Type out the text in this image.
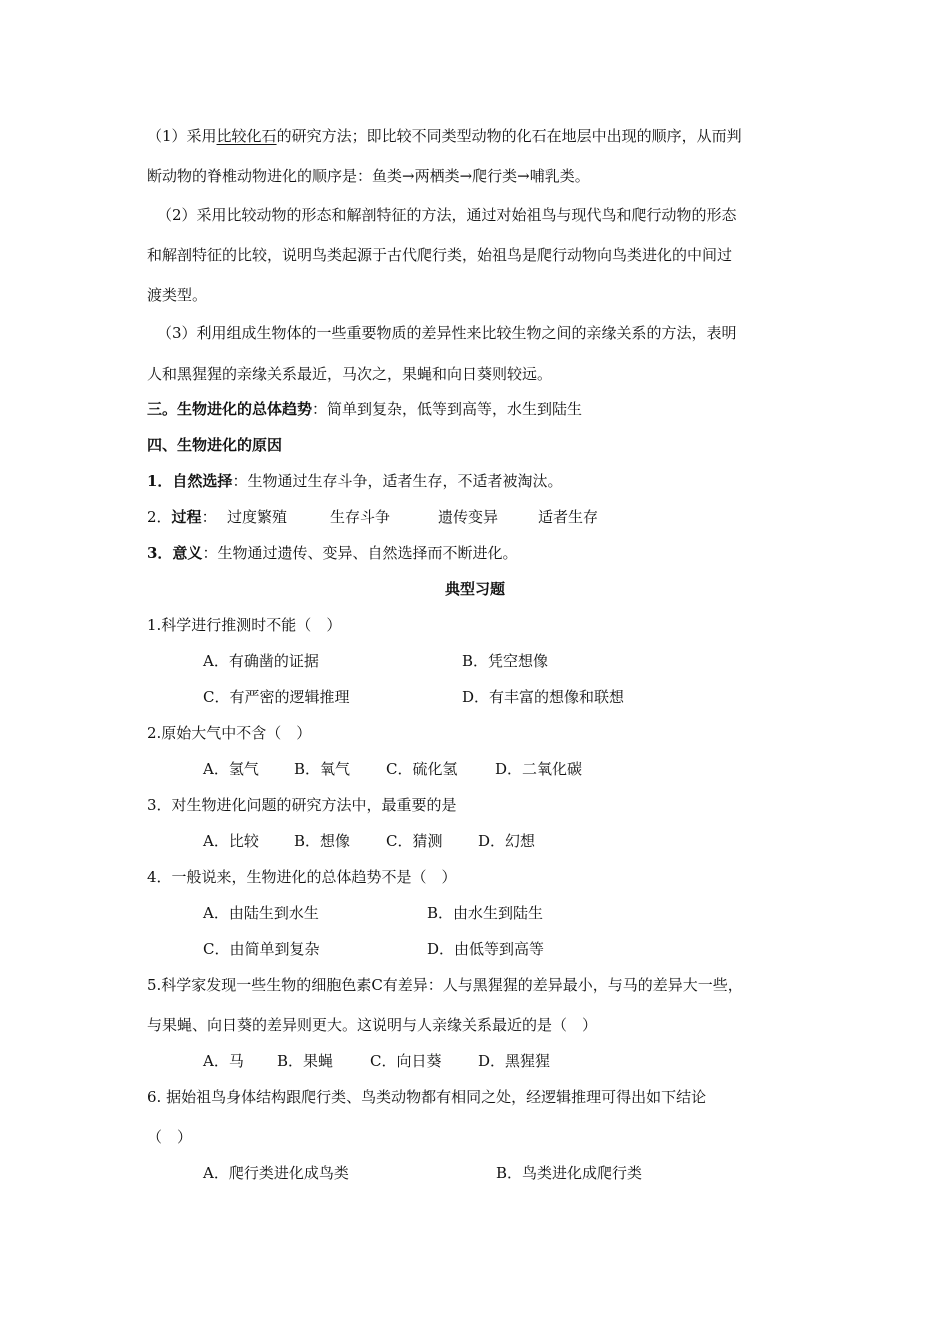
（1）采用比较化石的研究方法；即比较不同类型动物的化石在地层中出现的顺序，从而判
断动物的脊椎动物进化的顺序是：鱼类→两栖类→爬行类→哺乳类。
（2）采用比较动物的形态和解剖特征的方法，通过对始祖鸟与现代鸟和爬行动物的形态
和解剖特征的比较，说明鸟类起源于古代爬行类，始祖鸟是爬行动物向鸟类进化的中间过
渡类型。
（3）利用组成生物体的一些重要物质的差异性来比较生物之间的亲缘关系的方法，表明
人和黑猩猩的亲缘关系最近，马次之，果蝇和向日葵则较远。
三。生物进化的总体趋势：简单到复杂，低等到高等，水生到陆生
四、生物进化的原因
1．自然选择：生物通过生存斗争，适者生存，不适者被淘汰。
2．过程： 过度繁殖	生存斗争	遗传变异	适者生存
3．意义：生物通过遗传、变异、自然选择而不断进化。
典型习题
1.科学进行推测时不能（　）
A．有确凿的证据	B．凭空想像
C．有严密的逻辑推理	D．有丰富的想像和联想
2.原始大气中不含（　）
A．氢气 B．氧气 C．硫化氢	D．二氧化碳
3．对生物进化问题的研究方法中，最重要的是
A．比较 B．想像 C．猜测 D．幻想
4．一般说来，生物进化的总体趋势不是（　）
A．由陆生到水生	B．由水生到陆生
C．由简单到复杂	D．由低等到高等
5.科学家发现一些生物的细胞色素C有差异：人与黑猩猩的差异最小，与马的差异大一些，
与果蝇、向日葵的差异则更大。这说明与人亲缘关系最近的是（　）
A．马 B．果蝇 C．向日葵 D．黑猩猩
6. 据始祖鸟身体结构跟爬行类、鸟类动物都有相同之处，经逻辑推理可得出如下结论
（　）
A．爬行类进化成鸟类	B．鸟类进化成爬行类
